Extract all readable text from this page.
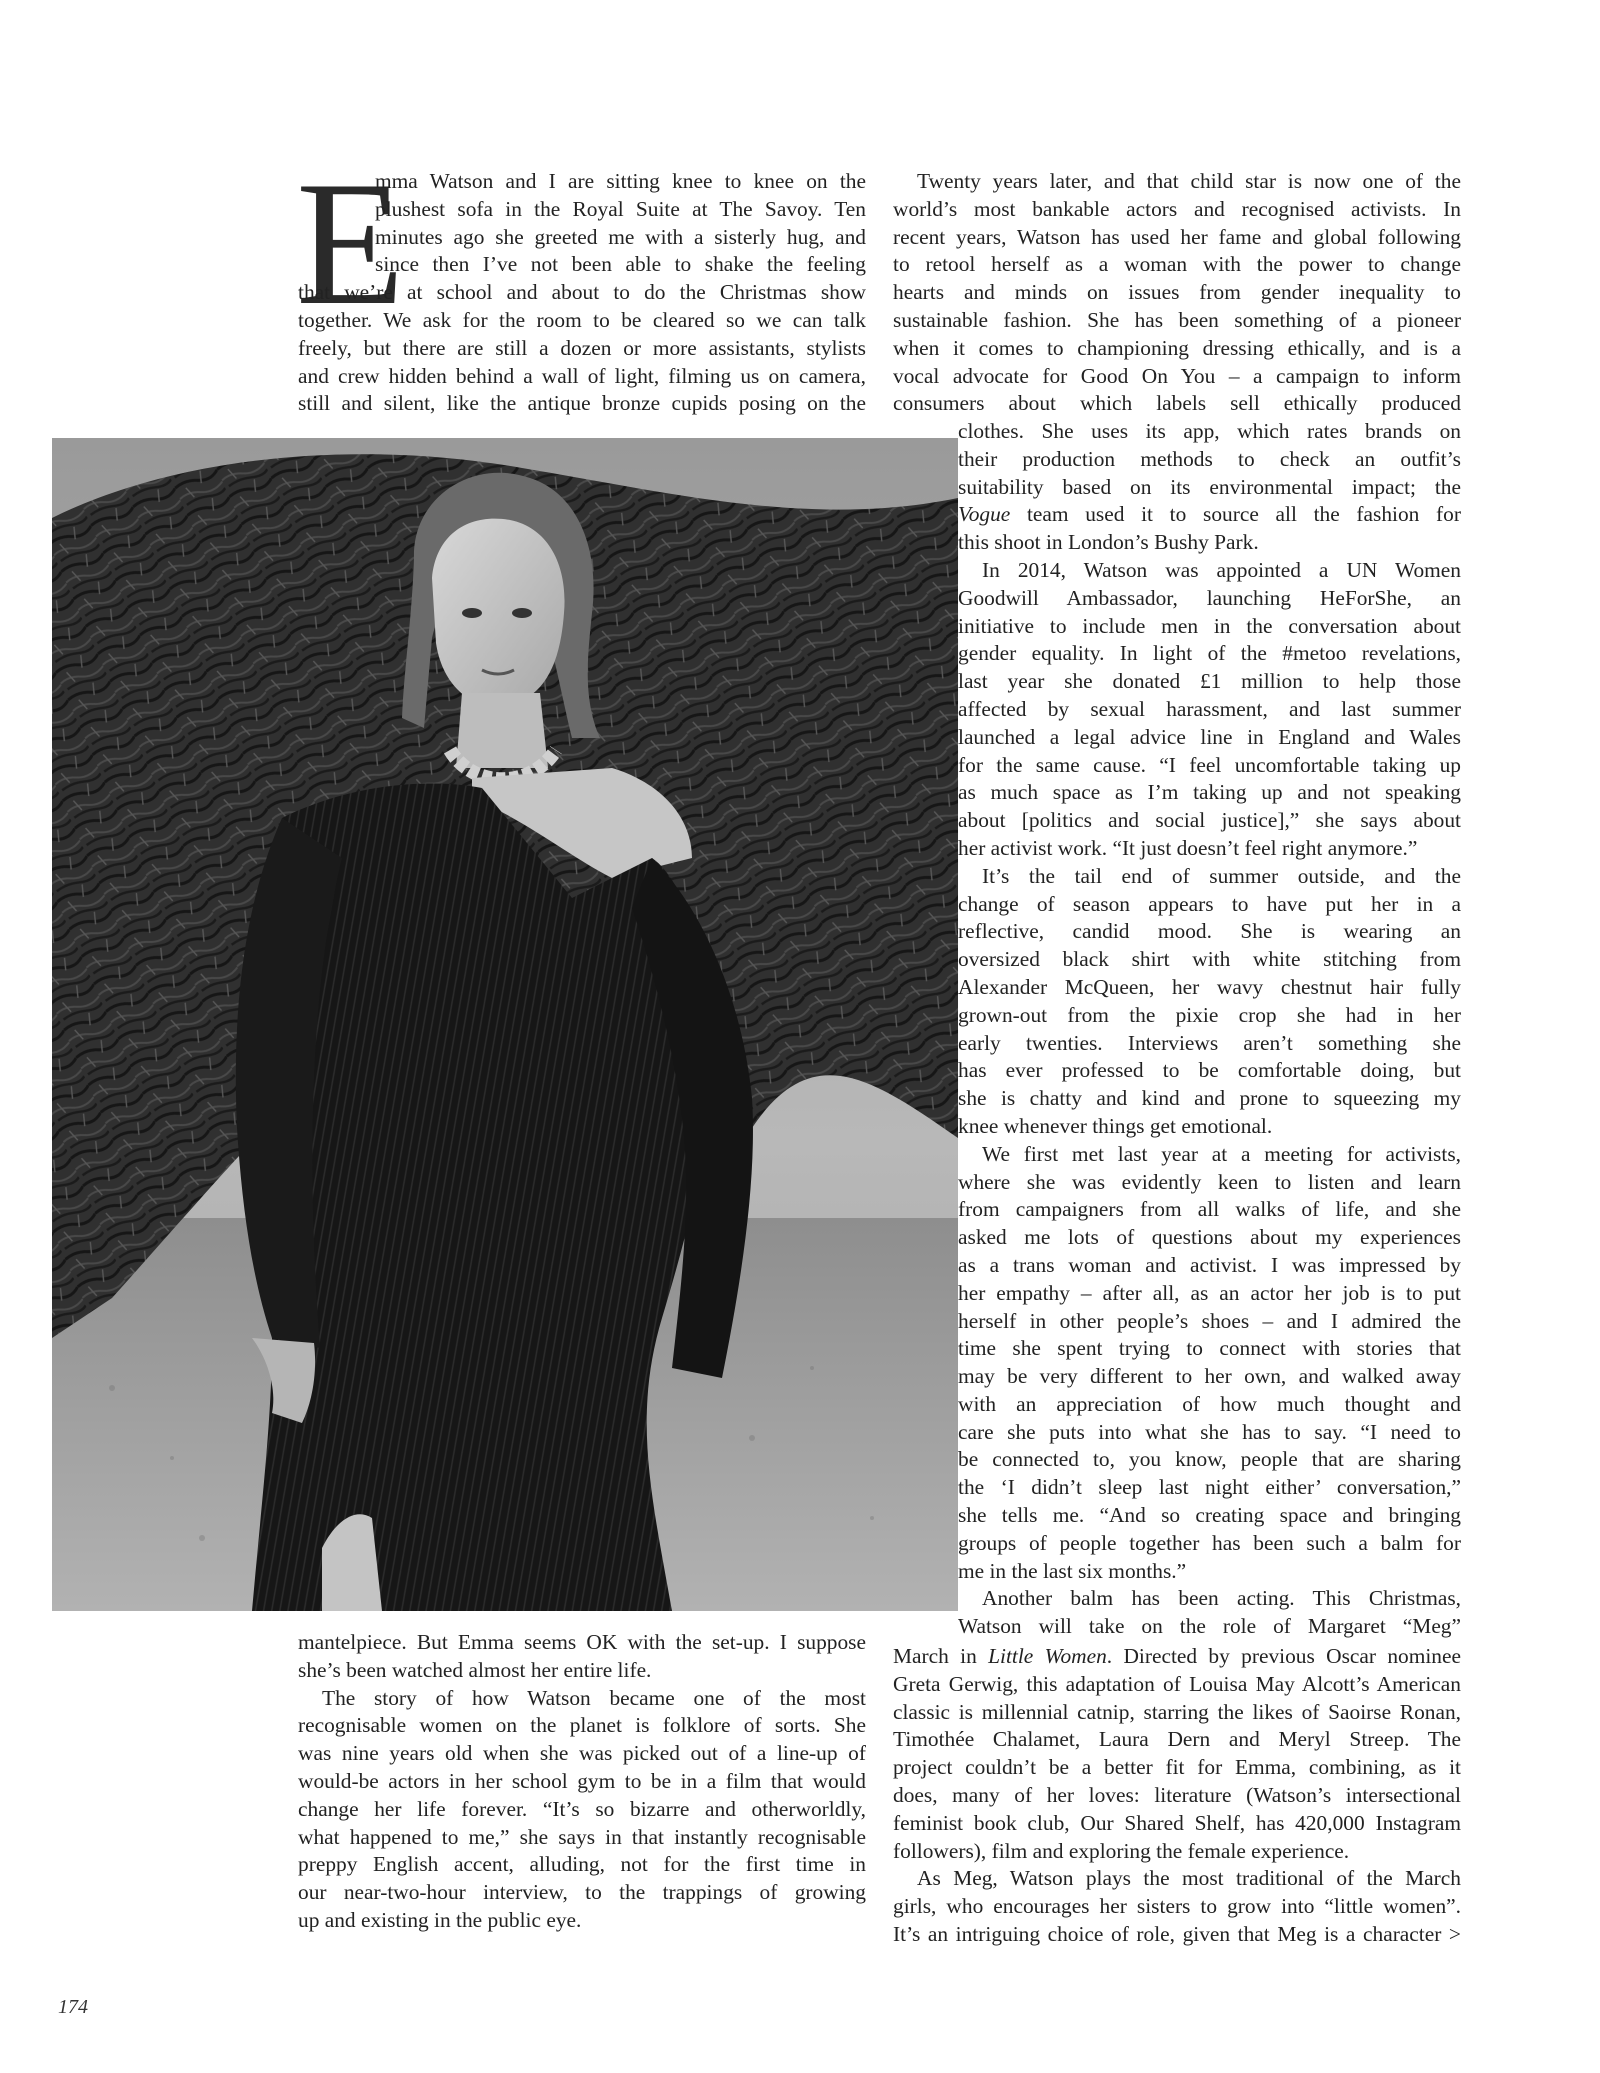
E

mma Watson and I are sitting knee to knee on the

plushest sofa in the Royal Suite at The Savoy. Ten

minutes ago she greeted me with a sisterly hug, and

since then I’ve not been able to shake the feeling

that we’re at school and about to do the Christmas show

together. We ask for the room to be cleared so we can talk

freely, but there are still a dozen or more assistants, stylists

and crew hidden behind a wall of light, filming us on camera,

still and silent, like the antique bronze cupids posing on the

Twenty years later, and that child star is now one of the

world’s most bankable actors and recognised activists. In

recent years, Watson has used her fame and global following

to retool herself as a woman with the power to change

hearts and minds on issues from gender inequality to

sustainable fashion. She has been something of a pioneer

when it comes to championing dressing ethically, and is a

vocal advocate for Good On You – a campaign to inform

consumers about which labels sell ethically produced

mantelpiece. But Emma seems OK with the set-up. I suppose

she’s been watched almost her entire life.

The story of how Watson became one of the most

recognisable women on the planet is folklore of sorts. She

was nine years old when she was picked out of a line-up of

would-be actors in her school gym to be in a film that would

change her life forever. “It’s so bizarre and otherworldly,

what happened to me,” she says in that instantly recognisable

preppy English accent, alluding, not for the first time in

our near-two-hour interview, to the trappings of growing

up and existing in the public eye.

clothes. She uses its app, which rates brands on

their production methods to check an outfit’s

suitability based on its environmental impact; the

Vogue team used it to source all the fashion for

this shoot in London’s Bushy Park.

In 2014, Watson was appointed a UN Women

Goodwill Ambassador, launching HeForShe, an

initiative to include men in the conversation about

gender equality. In light of the #metoo revelations,

last year she donated £1 million to help those

affected by sexual harassment, and last summer

launched a legal advice line in England and Wales

for the same cause. “I feel uncomfortable taking up

as much space as I’m taking up and not speaking

about [politics and social justice],” she says about

her activist work. “It just doesn’t feel right anymore.”

It’s the tail end of summer outside, and the

change of season appears to have put her in a

reflective, candid mood. She is wearing an

oversized black shirt with white stitching from

Alexander McQueen, her wavy chestnut hair fully

grown-out from the pixie crop she had in her

early twenties. Interviews aren’t something she

has ever professed to be comfortable doing, but

she is chatty and kind and prone to squeezing my

knee whenever things get emotional.

We first met last year at a meeting for activists,

where she was evidently keen to listen and learn

from campaigners from all walks of life, and she

asked me lots of questions about my experiences

as a trans woman and activist. I was impressed by

her empathy – after all, as an actor her job is to put

herself in other people’s shoes – and I admired the

time she spent trying to connect with stories that

may be very different to her own, and walked away

with an appreciation of how much thought and

care she puts into what she has to say. “I need to

be connected to, you know, people that are sharing

the ‘I didn’t sleep last night either’ conversation,”

she tells me. “And so creating space and bringing

groups of people together has been such a balm for

me in the last six months.”

Another balm has been acting. This Christmas,

Watson will take on the role of Margaret “Meg”

March in Little Women. Directed by previous Oscar nominee

Greta Gerwig, this adaptation of Louisa May Alcott’s American

classic is millennial catnip, starring the likes of Saoirse Ronan,

Timothée Chalamet, Laura Dern and Meryl Streep. The

project couldn’t be a better fit for Emma, combining, as it

does, many of her loves: literature (Watson’s intersectional

feminist book club, Our Shared Shelf, has 420,000 Instagram

followers), film and exploring the female experience.

As Meg, Watson plays the most traditional of the March

girls, who encourages her sisters to grow into “little women”.

It’s an intriguing choice of role, given that Meg is a character >

174
